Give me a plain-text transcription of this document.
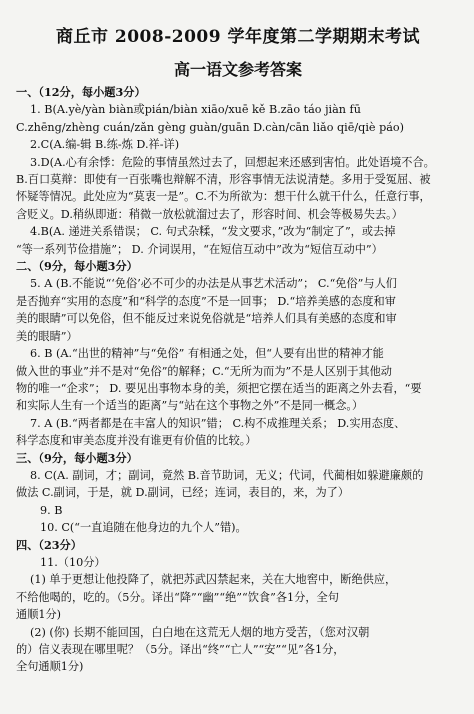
商丘市 2008-2009 学年度第二学期期末考试
高一语文参考答案
一、（12分，每小题3分）
1. B(A.yè/yàn biàn或pián/biàn xiāo/xuē kě B.zāo táo jiàn fū
C.zhēng/zhèng cuán/zǎn gèng guàn/guān D.càn/cān liǎo qiē/qiè páo)
2.C(A.编-辑 B.练-炼 D.祥-详)
3.D(A.心有余悸：危险的事情虽然过去了，回想起来还感到害怕。此处语境不合。
B.百口莫辩：即使有一百张嘴也辩解不清，形容事情无法说清楚。多用于受冤屈、被
怀疑等情况。此处应为“莫衷一是”。C.不为所欲为：想干什么就干什么，任意行事，
含贬义。D.稍纵即逝：稍微一放松就溜过去了，形容时间、机会等极易失去。）
4.B(A. 递进关系错误； C. 句式杂糅，“发文要求，”改为“制定了”，或去掉
“等一系列节俭措施”； D. 介词误用，“在短信互动中”改为“短信互动中”）
二、（9分，每小题3分）
5. A (B.不能说“‘免俗’必不可少的办法是从事艺术活动”； C.“免俗”与人们
是否抛弃“实用的态度”和“科学的态度”不是一回事； D.“培养美感的态度和审
美的眼睛”可以免俗，但不能反过来说免俗就是“培养人们具有美感的态度和审
美的眼睛”）
6. B (A.“出世的精神”与“免俗” 有相通之处，但“人要有出世的精神才能
做入世的事业”并不是对“免俗”的解释；C.“无所为而为”不是人区别于其他动
物的唯一“企求”； D. 要见出事物本身的美，须把它摆在适当的距离之外去看，“要
和实际人生有一个适当的距离”与“站在这个事物之外”不是同一概念。）
7. A (B.“两者都是在丰富人的知识”错； C.构不成推理关系； D.实用态度、
科学态度和审美态度并没有谁更有价值的比较。）
三、（9分，每小题3分）
8. C(A. 副词，才；副词，竟然 B.音节助词，无义；代词，代蔺相如躲避廉颇的
做法 C.副词，于是，就 D.副词，已经；连词，表目的，来，为了）
9. B
10. C(“一直追随在他身边的九个人”错)。
四、（23分）
11.（10分）
(1) 单于更想让他投降了，就把苏武囚禁起来，关在大地窖中，断绝供应，
不给他喝的，吃的。（5分。译出“降”“幽”“绝”“饮食”各1分，全句
通顺1分)
(2) (你) 长期不能回国，白白地在这荒无人烟的地方受苦，（您对汉朝
的）信义表现在哪里呢？（5分。译出“终”“亡人”“安”“见”各1分，
全句通顺1分)
